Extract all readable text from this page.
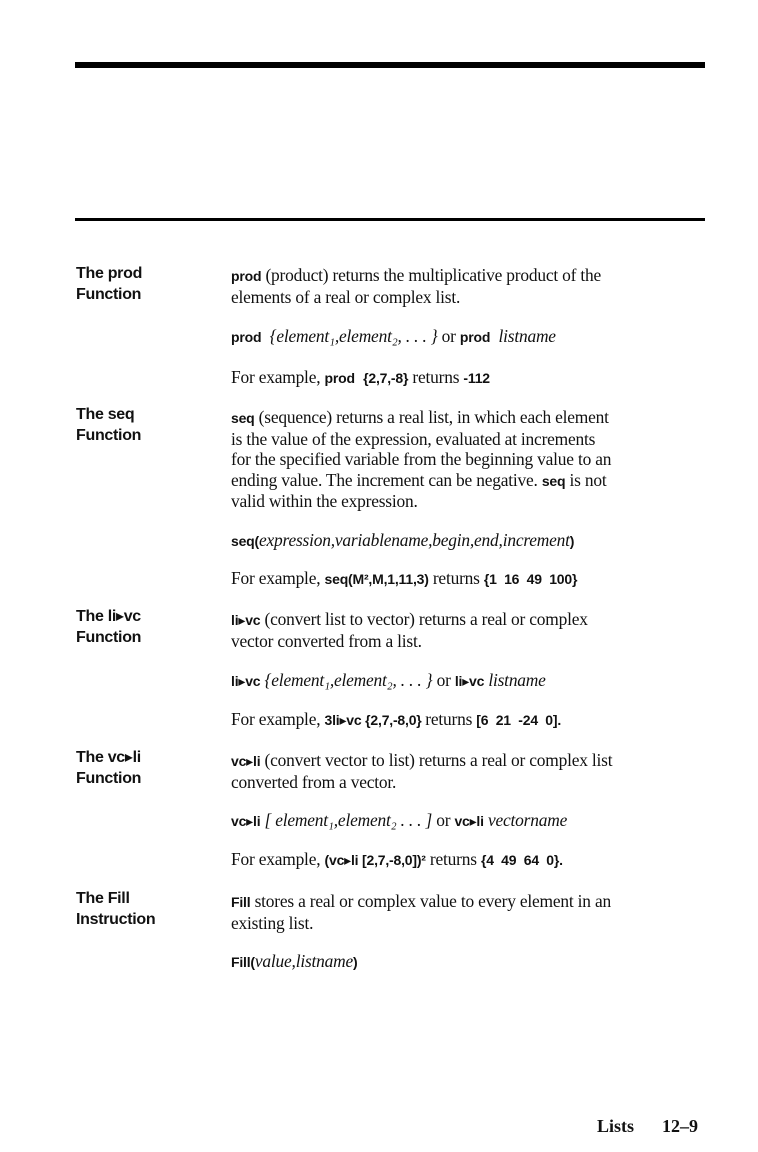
The prod
Function
prod (product) returns the multiplicative product of the
elements of a real or complex list.
prod {element₁,element₂, . . . } or prod listname
For example, prod {2,7,-8} returns -112
The seq
Function
seq (sequence) returns a real list, in which each element
is the value of the expression, evaluated at increments
for the specified variable from the beginning value to an
ending value. The increment can be negative. seq is not
valid within the expression.
seq(expression,variablename,begin,end,increment)
For example, seq(M²,M,1,11,3) returns {1  16  49  100}
The li▸vc
Function
li▸vc (convert list to vector) returns a real or complex
vector converted from a list.
li▸vc {element₁,element₂, . . . } or li▸vc listname
For example, 3li▸vc {2,7,-8,0} returns [6  21  -24  0].
The vc▸li
Function
vc▸li (convert vector to list) returns a real or complex list
converted from a vector.
vc▸li [ element₁,element₂ . . . ] or vc▸li vectorname
For example, (vc▸li [2,7,-8,0])² returns {4  49  64  0}.
The Fill
Instruction
Fill stores a real or complex value to every element in an
existing list.
Fill(value,listname)
Lists 12–9
